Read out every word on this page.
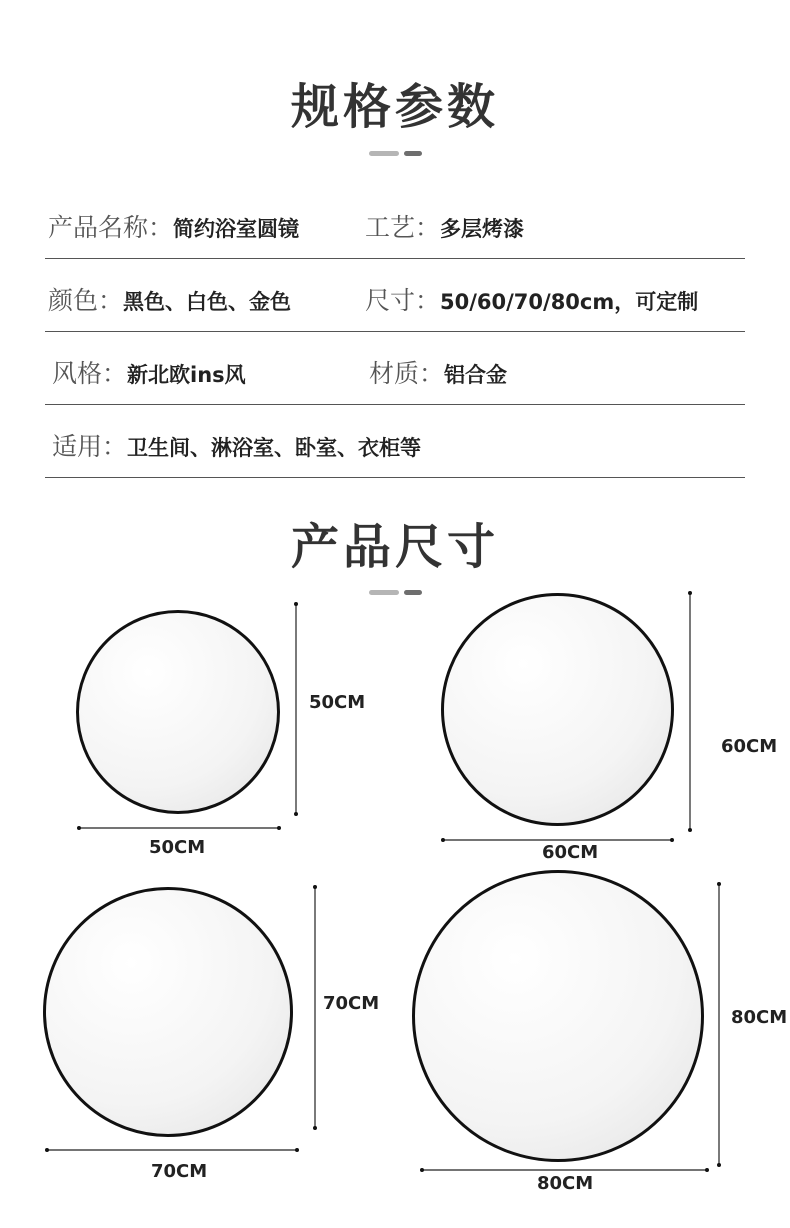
规格参数
产品名称：简约浴室圆镜	工艺：多层烤漆
颜色：黑色、白色、金色	尺寸：50/60/70/80cm，可定制
风格：新北欧ins风	材质：铝合金
适用：卫生间、淋浴室、卧室、衣柜等
产品尺寸
50CM
50CM
60CM
60CM
70CM
70CM
80CM
80CM
